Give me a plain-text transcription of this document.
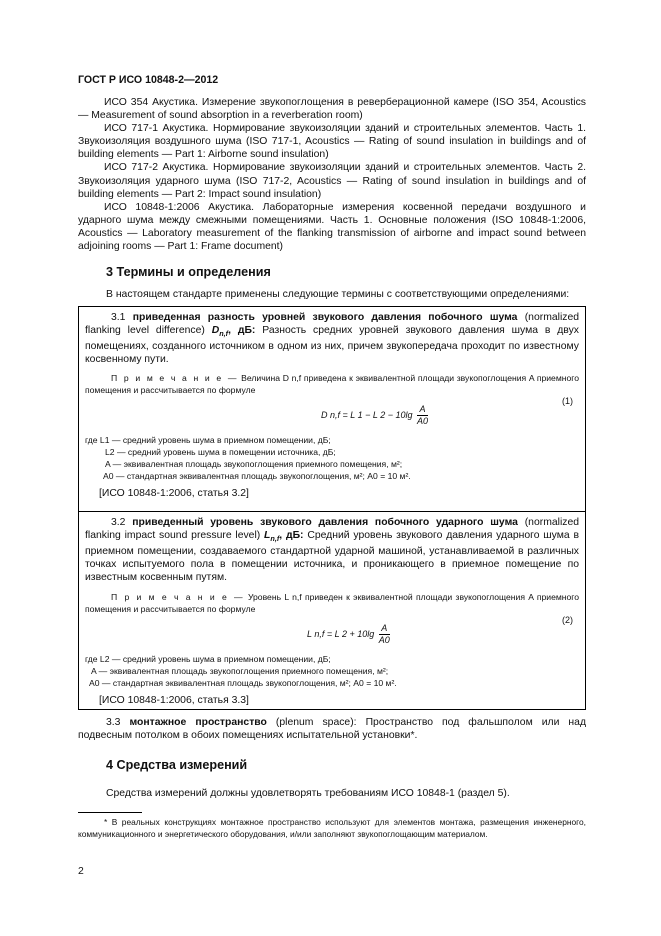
ГОСТ Р ИСО 10848-2—2012

ИСО 354 Акустика. Измерение звукопоглощения в реверберационной камере (ISO 354, Acoustics — Measurement of sound absorption in a reverberation room)

ИСО 717-1 Акустика. Нормирование звукоизоляции зданий и строительных элементов. Часть 1. Звукоизоляция воздушного шума (ISO 717-1, Acoustics — Rating of sound insulation in buildings and of building elements — Part 1: Airborne sound insulation)

ИСО 717-2 Акустика. Нормирование звукоизоляции зданий и строительных элементов. Часть 2. Звукоизоляция ударного шума (ISO 717-2, Acoustics — Rating of sound insulation in buildings and of building elements — Part 2: Impact sound insulation)

ИСО 10848-1:2006 Акустика. Лабораторные измерения косвенной передачи воздушного и ударного шума между смежными помещениями. Часть 1. Основные положения (ISO 10848-1:2006, Acoustics — Laboratory measurement of the flanking transmission of airborne and impact sound between adjoining rooms — Part 1: Frame document)

3 Термины и определения
В настоящем стандарте применены следующие термины с соответствующими определениями:

3.1 приведенная разность уровней звукового давления побочного шума (normalized flanking level difference) $D_{n,f}$, дБ: Разность средних уровней звукового давления шума в двух помещениях, созданного источником в одном из них, причем звукопередача проходит по известному косвенному пути.

П р и м е ч а н и е — Величина D n,f приведена к эквивалентной площади звукопоглощения A приемного помещения и рассчитывается по формуле

D n,f = L 1 − L $2 - 10\lg \frac{A}{A0}$
(1)
где L1 — средний уровень шума в приемном помещении, дБ;
L2 — средний уровень шума в помещении источника, дБ;
A — эквивалентная площадь звукопоглощения приемного помещения, м²;
A0 — стандартная эквивалентная площадь звукопоглощения, м²; A0 = 10 м².
[ИСО 10848-1:2006, статья 3.2]

3.2 приведенный уровень звукового давления побочного ударного шума (normalized flanking impact sound pressure level) $L_{n,f}$, дБ: Средний уровень звукового давления ударного шума в приемном помещении, создаваемого стандартной ударной машиной, устанавливаемой в различных точках испытуемого пола в помещении источника, и проникающего в приемное помещение по известным косвенным путям.

П р и м е ч а н и е — Уровень L n,f приведен к эквивалентной площади звукопоглощения A приемного помещения и рассчитывается по формуле

L n,f = L $2 + 10\lg \frac{A}{A0}$
(2)
где L2 — средний уровень шума в приемном помещении, дБ;
A — эквивалентная площадь звукопоглощения приемного помещения, м²;
A0 — стандартная эквивалентная площадь звукопоглощения, м²; A0 = 10 м².
[ИСО 10848-1:2006, статья 3.3]

3.3 монтажное пространство (plenum space): Пространство под фальшполом или над подвесным потолком в обоих помещениях испытательной установки*.

4 Средства измерений

Средства измерений должны удовлетворять требованиям ИСО 10848-1 (раздел 5).

* В реальных конструкциях монтажное пространство используют для элементов монтажа, размещения инженерного, коммуникационного и энергетического оборудования, и/или заполняют звукопоглощающим материалом.

2
